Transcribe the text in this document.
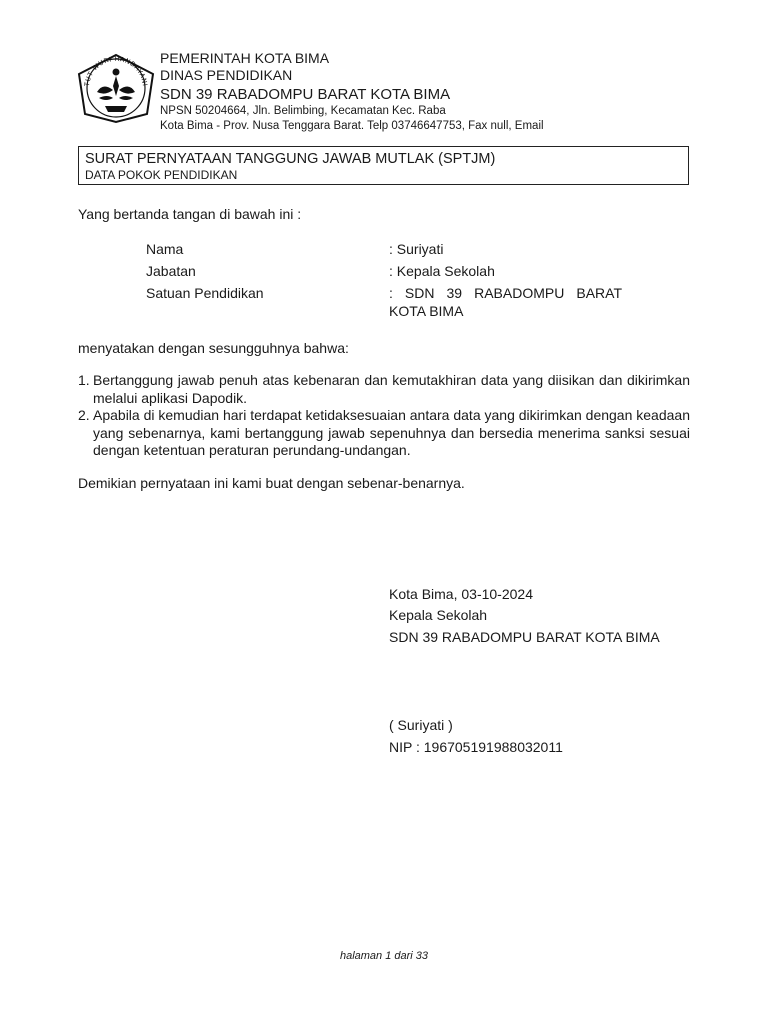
TUT WURI HANDAYANI
PEMERINTAH KOTA BIMA
DINAS PENDIDIKAN
SDN 39 RABADOMPU BARAT KOTA BIMA
NPSN 50204664, Jln. Belimbing, Kecamatan Kec. Raba
Kota Bima - Prov. Nusa Tenggara Barat. Telp 03746647753, Fax null, Email
SURAT PERNYATAAN TANGGUNG JAWAB MUTLAK (SPTJM)
DATA POKOK PENDIDIKAN
Yang bertanda tangan di bawah ini :
Nama	: Suriyati
Jabatan	: Kepala Sekolah
Satuan Pendidikan	: SDN 39 RABADOMPU BARAT
KOTA BIMA
menyatakan dengan sesungguhnya bahwa:
1. Bertanggung jawab penuh atas kebenaran dan kemutakhiran data yang diisikan dan dikirimkan melalui aplikasi Dapodik.
2. Apabila di kemudian hari terdapat ketidaksesuaian antara data yang dikirimkan dengan keadaan yang sebenarnya, kami bertanggung jawab sepenuhnya dan bersedia menerima sanksi sesuai dengan ketentuan peraturan perundang-undangan.
Demikian pernyataan ini kami buat dengan sebenar-benarnya.
Kota Bima, 03-10-2024
Kepala Sekolah
SDN 39 RABADOMPU BARAT KOTA BIMA
( Suriyati )
NIP : 196705191988032011
halaman 1 dari 33
